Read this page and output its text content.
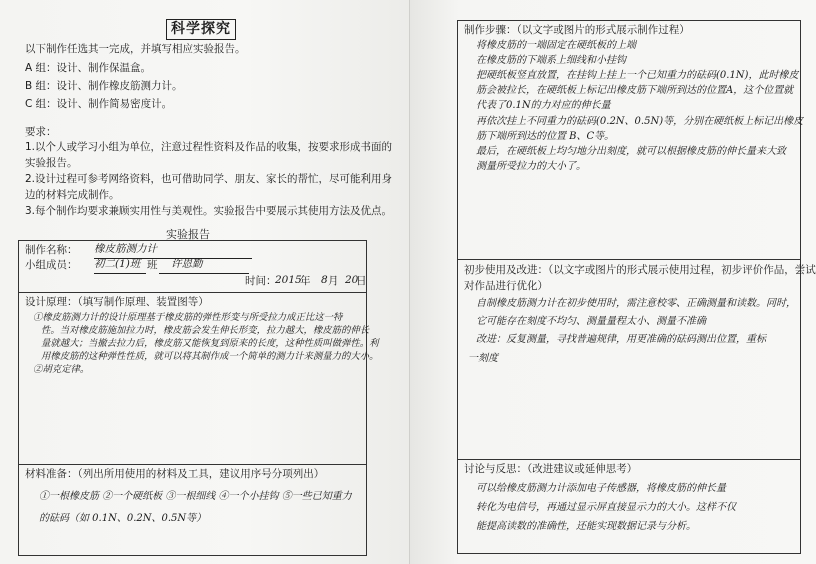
科学探究
以下制作任选其一完成，并填写相应实验报告。
A 组：设计、制作保温盒。
B 组：设计、制作橡皮筋测力计。
C 组：设计、制作简易密度计。
要求：
1.以个人或学习小组为单位，注意过程性资料及作品的收集，按要求形成书面的
实验报告。
2.设计过程可参考网络资料，也可借助同学、朋友、家长的帮忙，尽可能利用身
边的材料完成制作。
3.每个制作均要求兼顾实用性与美观性。实验报告中要展示其使用方法及优点。
实验报告
制作名称： 橡皮筋测力计
小组成员： 初二(1)班 班	许恩勤
时间：
2015
年 8 月 20
日
设计原理：（填写制作原理、装置图等）
①橡皮筋测力计的设计原理基于橡皮筋的弹性形变与所受拉力成正比这一特
性。当对橡皮筋施加拉力时，橡皮筋会发生伸长形变，拉力越大，橡皮筋的伸长
量就越大；当撤去拉力后，橡皮筋又能恢复到原来的长度，这种性质叫做弹性。利
用橡皮筋的这种弹性性质，就可以将其制作成一个简单的测力计来测量力的大小。
②胡克定律。
材料准备：（列出所用使用的材料及工具，建议用序号分项列出）
①一根橡皮筋 ②一个硬纸板 ③一根细线 ④一个小挂钩 ⑤一些已知重力
的砝码（如 0.1N、0.2N、0.5N等）
制作步骤：（以文字或图片的形式展示制作过程）
将橡皮筋的一端固定在硬纸板的上端
在橡皮筋的下端系上细线和小挂钩
把硬纸板竖直放置，在挂钩上挂上一个已知重力的砝码(0.1N)，此时橡皮
筋会被拉长，在硬纸板上标记出橡皮筋下端所到达的位置A，这个位置就
代表了0.1N的力对应的伸长量
再依次挂上不同重力的砝码(0.2N、0.5N)等，分别在硬纸板上标记出橡皮
筋下端所到达的位置 B、C等。
最后，在硬纸板上均匀地分出刻度，就可以根据橡皮筋的伸长量来大致
测量所受拉力的大小了。
初步使用及改进：（以文字或图片的形式展示使用过程，初步评价作品，尝试
对作品进行优化）
自制橡皮筋测力计在初步使用时，需注意校零、正确测量和读数。同时，
它可能存在刻度不均匀、测量量程太小、测量不准确
改进：反复测量，寻找普遍规律，用更准确的砝码测出位置，重标
一刻度
讨论与反思：（改进建议或延伸思考）
可以给橡皮筋测力计添加电子传感器，将橡皮筋的伸长量
转化为电信号，再通过显示屏直接显示力的大小。这样不仅
能提高读数的准确性，还能实现数据记录与分析。
